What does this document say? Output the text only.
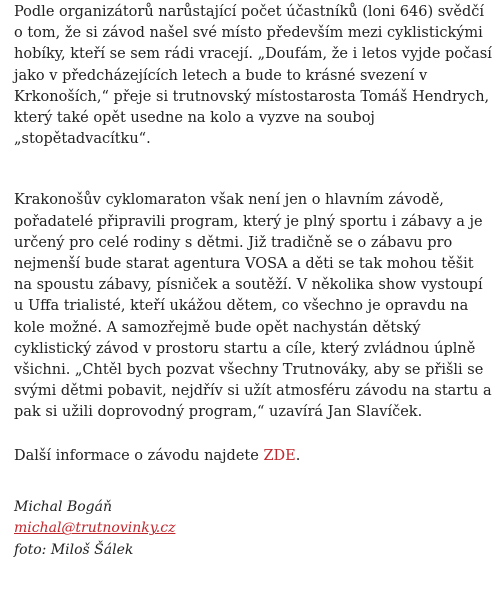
Podle organizátorů narůstající počet účastníků (loni 646) svědčí o tom, že si závod našel své místo především mezi cyklistickými hobíky, kteří se sem rádi vracejí. „Doufám, že i letos vyjde počasí jako v předcházejících letech a bude to krásné svezení v Krkonoších,“ přeje si trutnovský místostarosta Tomáš Hendrych, který také opět usedne na kolo a vyzve na souboj „stopětadvacítku“.

Krakonošův cyklomaraton však není jen o hlavním závodě, pořadatelé připravili program, který je plný sportu i zábavy a je určený pro celé rodiny s dětmi. Již tradičně se o zábavu pro nejmenší bude starat agentura VOSA a děti se tak mohou těšit na spoustu zábavy, písniček a soutěží. V několika show vystoupí u Uffa trialisté, kteří ukážou dětem, co všechno je opravdu na kole možné. A samozřejmě bude opět nachystán dětský cyklistický závod v prostoru startu a cíle, který zvládnou úplně všichni. „Chtěl bych pozvat všechny Trutnováky, aby se přišli se svými dětmi pobavit, nejdřív si užít atmosféru závodu na startu a pak si užili doprovodný program,“ uzavírá Jan Slavíček.

Další informace o závodu najdete ZDE.

Michal Bogáň
michal@trutnovinky.cz
foto: Miloš Šálek
